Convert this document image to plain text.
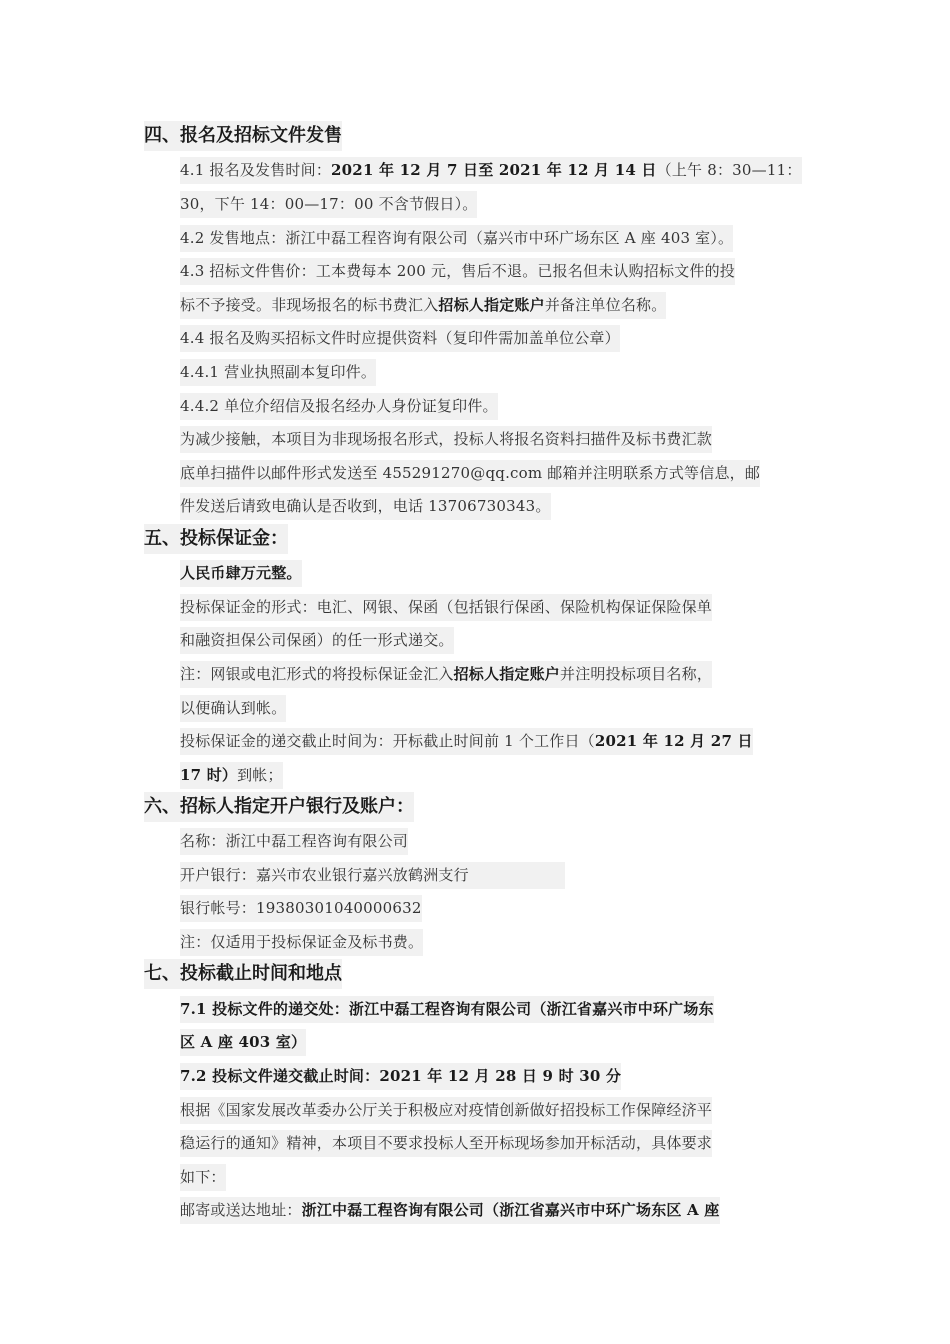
四、报名及招标文件发售
4.1 报名及发售时间：2021 年 12 月 7 日至 2021 年 12 月 14 日（上午 8：30—11：
30，下午 14：00—17：00 不含节假日）。
4.2 发售地点：浙江中磊工程咨询有限公司（嘉兴市中环广场东区 A 座 403 室）。
4.3 招标文件售价：工本费每本 200 元，售后不退。已报名但未认购招标文件的投
标不予接受。非现场报名的标书费汇入招标人指定账户并备注单位名称。
4.4 报名及购买招标文件时应提供资料（复印件需加盖单位公章）
4.4.1 营业执照副本复印件。
4.4.2 单位介绍信及报名经办人身份证复印件。
为减少接触，本项目为非现场报名形式，投标人将报名资料扫描件及标书费汇款
底单扫描件以邮件形式发送至 455291270@qq.com 邮箱并注明联系方式等信息，邮
件发送后请致电确认是否收到，电话 13706730343。
五、投标保证金：
人民币肆万元整。
投标保证金的形式：电汇、网银、保函（包括银行保函、保险机构保证保险保单
和融资担保公司保函）的任一形式递交。
注：网银或电汇形式的将投标保证金汇入招标人指定账户并注明投标项目名称，
以便确认到帐。
投标保证金的递交截止时间为：开标截止时间前 1 个工作日（2021 年 12 月 27 日
17 时）到帐；
六、招标人指定开户银行及账户：
名称：浙江中磊工程咨询有限公司
开户银行：嘉兴市农业银行嘉兴放鹤洲支行
银行帐号：19380301040000632
注：仅适用于投标保证金及标书费。
七、投标截止时间和地点
7.1 投标文件的递交处：浙江中磊工程咨询有限公司（浙江省嘉兴市中环广场东
区 A 座 403 室）
7.2 投标文件递交截止时间：2021 年 12 月 28 日 9 时 30 分
根据《国家发展改革委办公厅关于积极应对疫情创新做好招投标工作保障经济平
稳运行的通知》精神，本项目不要求投标人至开标现场参加开标活动，具体要求
如下：
邮寄或送达地址：浙江中磊工程咨询有限公司（浙江省嘉兴市中环广场东区 A 座
